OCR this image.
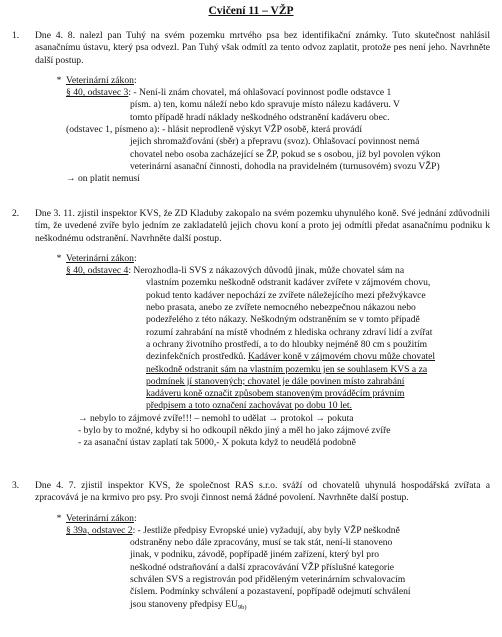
Cvičení 11 – VŽP
1.	Dne 4. 8. nalezl pan Tuhý na svém pozemku mrtvého psa bez identifikační známky. Tuto skutečnost nahlásil asanačnímu ústavu, který psa odvezl. Pan Tuhý však odmítl za tento odvoz zaplatit, protože pes není jeho. Navrhněte další postup.
* Veterinární zákon:
§ 40, odstavec 3: - Není-li znám chovatel, má ohlašovací povinnost podle odstavce 1
písm. a) ten, komu náleží nebo kdo spravuje místo nálezu kadáveru. V
tomto případě hradí náklady neškodného odstranění kadáveru obec.
(odstavec 1, písmeno a): - hlásit neprodleně výskyt VŽP osobě, která provádí
jejich shromažďování (sběr) a přepravu (svoz). Ohlašovací povinnost nemá
chovatel nebo osoba zacházející se ŽP, pokud se s osobou, jíž byl povolen výkon
veterinární asanační činnosti, dohodla na pravidelném (turnusovém) svozu VŽP)
→ on platit nemusí
2.	Dne 3. 11. zjistil inspektor KVS, že ZD Kladuby zakopalo na svém pozemku uhynulého koně. Své jednání zdůvodnili tím, že uvedené zvíře bylo jedním ze zakladatelů jejich chovu koní a proto jej odmítli předat asanačnímu podniku k neškodnému odstranění. Navrhněte další postup.
* Veterinární zákon:
§ 40, odstavec 4: Nerozhodla-li SVS z nákazových důvodů jinak, může chovatel sám na
vlastním pozemku neškodně odstranit kadáver zvířete v zájmovém chovu,
pokud tento kadáver nepochází ze zvířete náležejícího mezi přežvýkavce
nebo prasata, anebo ze zvířete nemocného nebezpečnou nákazou nebo
podezřelého z této nákazy. Neškodným odstraněním se v tomto případě
rozumí zahrabání na místě vhodném z hlediska ochrany zdraví lidí a zvířat
a ochrany životního prostředí, a to do hloubky nejméně 80 cm s použitím
dezinfekčních prostředků. Kadáver koně v zájmovém chovu může chovatel
neškodně odstranit sám na vlastním pozemku jen se souhlasem KVS a za
podmínek jí stanovených; chovatel je dále povinen místo zahrabání
kadáveru koně označit způsobem stanoveným prováděcím právním
předpisem a toto označení zachovávat po dobu 10 let.
→ nebylo to zájmové zvíře!!! – nemohl to udělat → protokol → pokuta
- bylo by to možné, kdyby si ho odkoupil někdo jiný a měl ho jako zájmové zvíře
- za asanační ústav zaplatí tak 5000,- X pokuta když to neudělá podobně
3.	Dne 4. 7. zjistil inspektor KVS, že společnost RAS s.r.o. sváží od chovatelů uhynulá hospodářská zvířata a zpracovává je na krmivo pro psy. Pro svoji činnost nemá žádné povolení. Navrhněte další postup.
* Veterinární zákon:
§ 39a, odstavec 2: - Jestliže předpisy Evropské unie) vyžadují, aby byly VŽP neškodně
odstraněny nebo dále zpracovány, musí se tak stát, není-li stanoveno
jinak, v podniku, závodě, popřípadě jiném zařízení, který byl pro
neškodné odstraňování a další zpracovávání VŽP příslušné kategorie
schválen SVS a registrován pod přiděleným veterinárním schvalovacím
číslem. Podmínky schválení a pozastavení, popřípadě odejmutí schválení
jsou stanoveny předpisy $EU_{9b)}$
